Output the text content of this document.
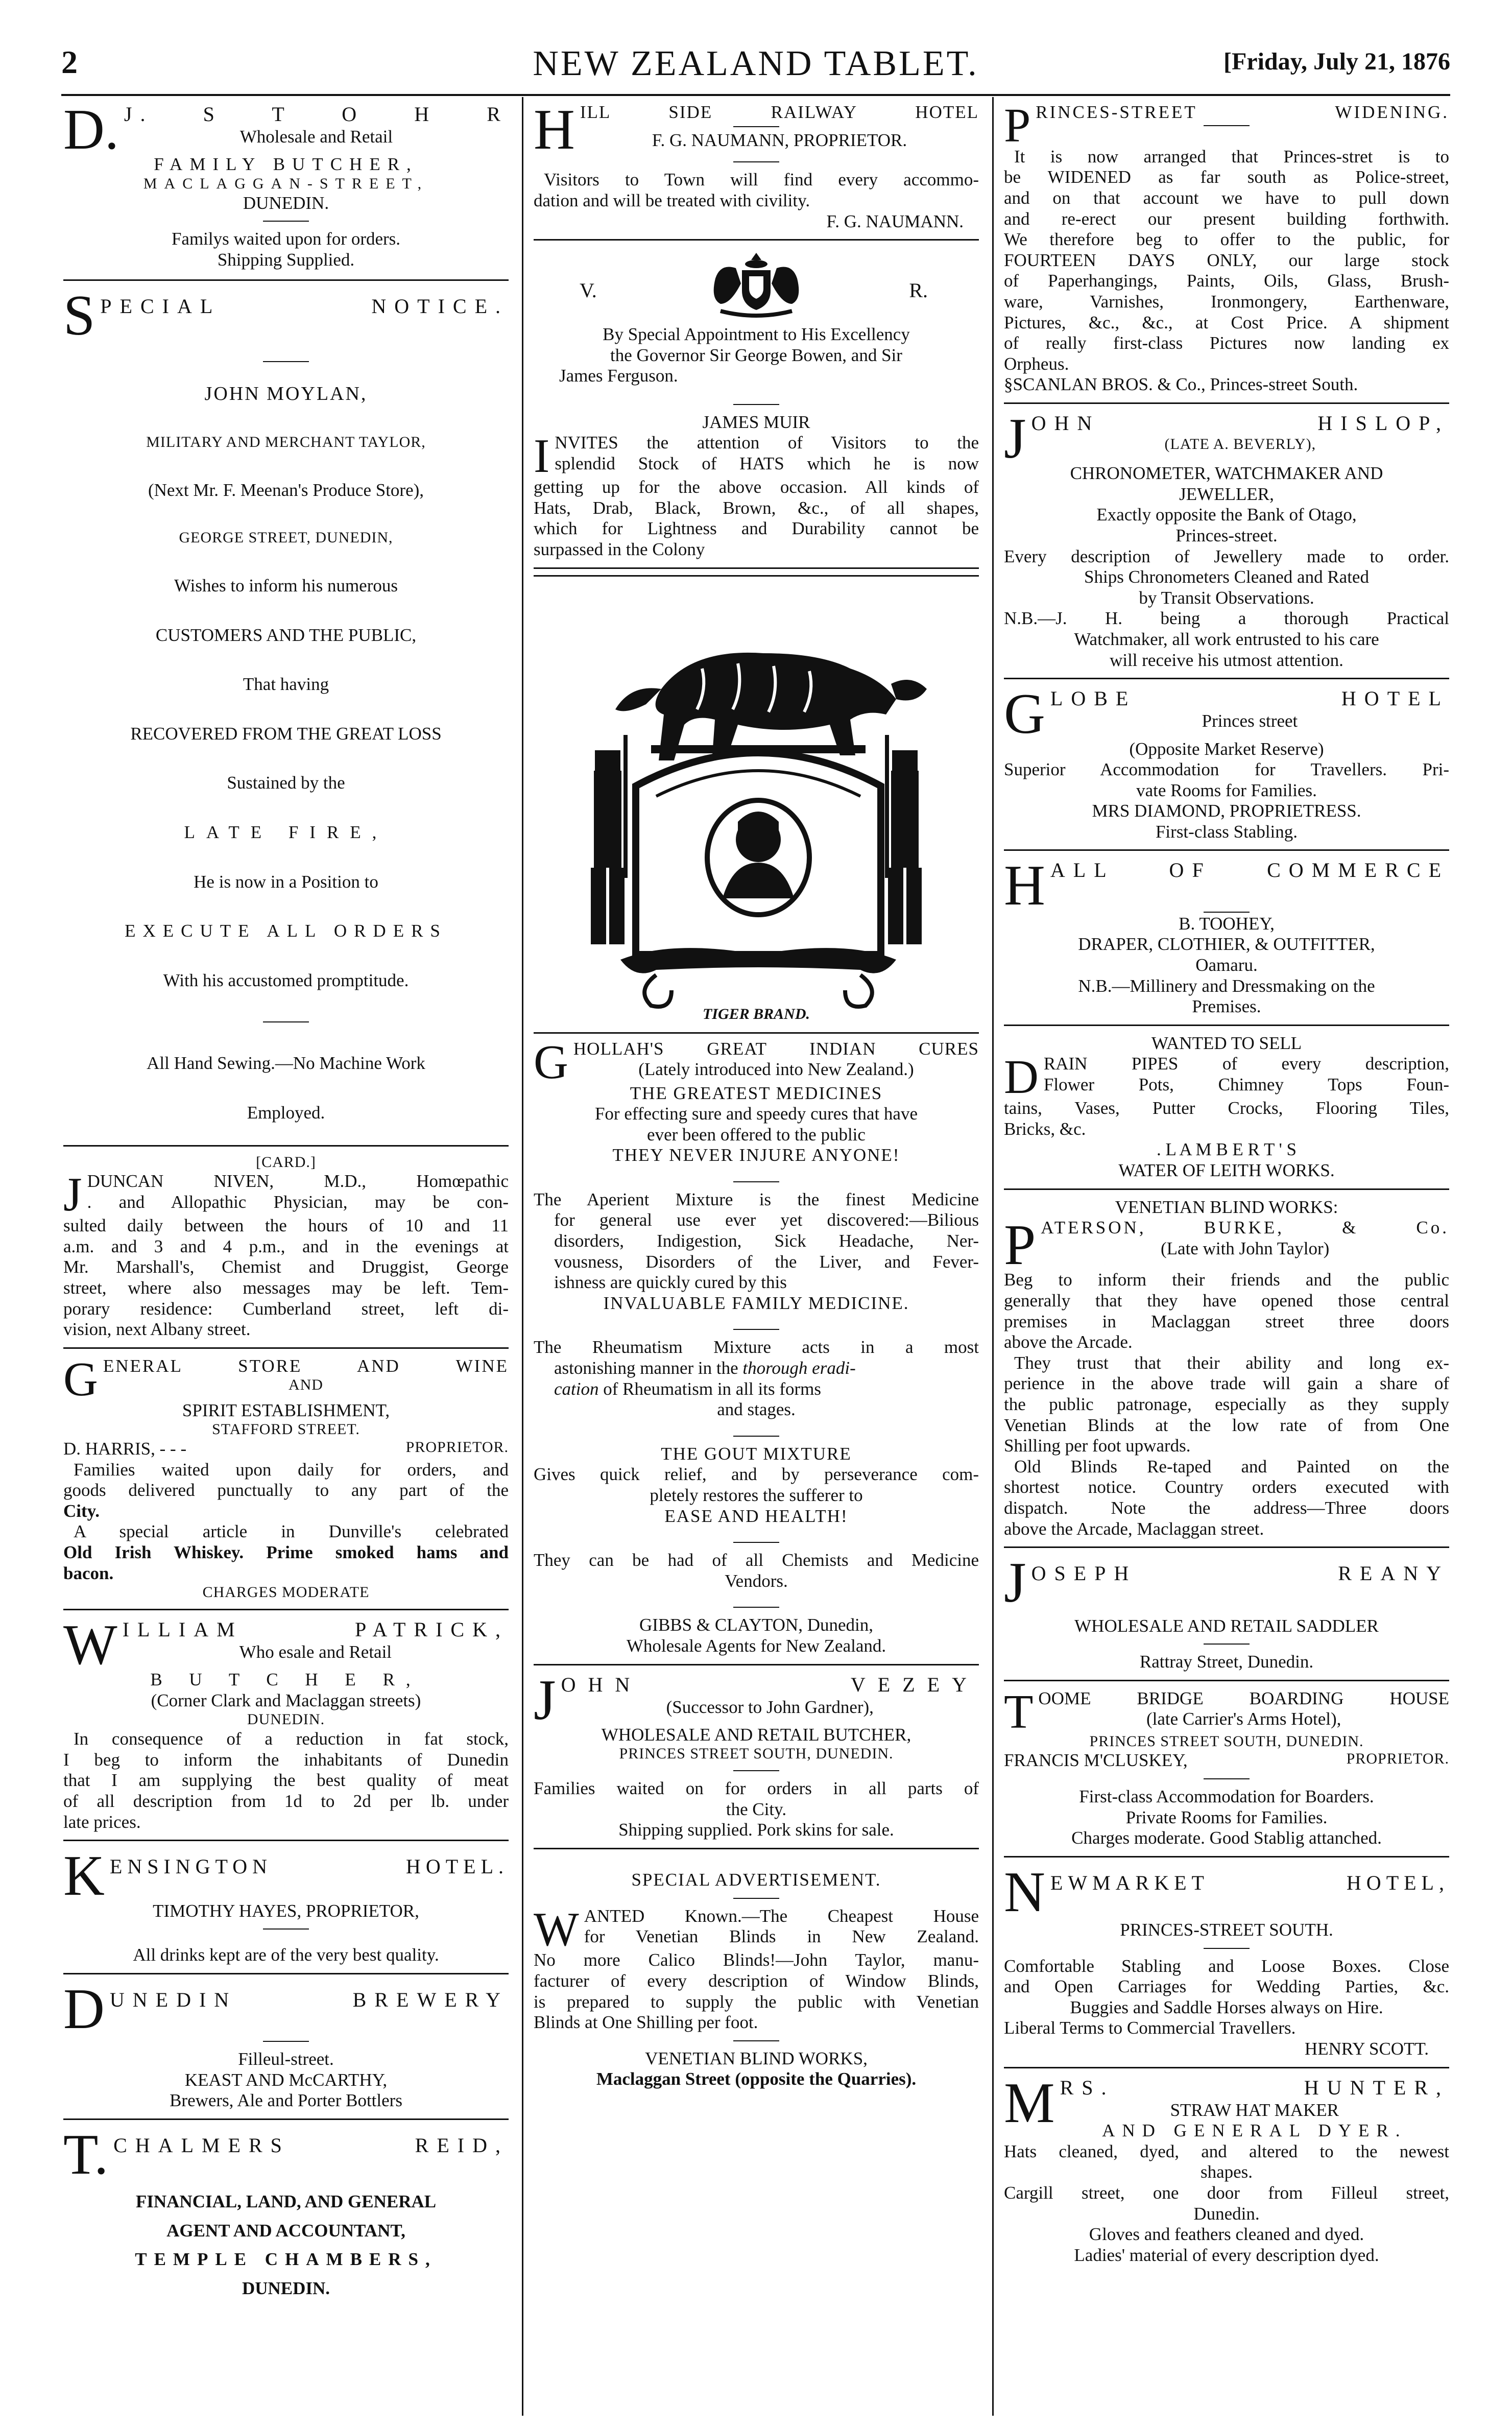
2	NEW ZEALAND TABLET.	[Friday, July 21, 1876
D. J. S T O H R
Wholesale and Retail
FAMILY BUTCHER,
MACLAGGAN-STREET,
DUNEDIN.
Familys waited upon for orders.
Shipping Supplied.
S PECIAL NOTICE.
JOHN MOYLAN,
MILITARY AND MERCHANT TAYLOR,
(Next Mr. F. Meenan's Produce Store),
GEORGE STREET, DUNEDIN,
Wishes to inform his numerous
CUSTOMERS AND THE PUBLIC,
That having
RECOVERED FROM THE GREAT LOSS
Sustained by the
LATE FIRE,
He is now in a Position to
EXECUTE ALL ORDERS
With his accustomed promptitude.
All Hand Sewing.—No Machine Work
Employed.
[CARD.]
J DUNCAN NIVEN, M.D., Homœpathic
. and Allopathic Physician, may be con-
sulted daily between the hours of 10 and 11
a.m. and 3 and 4 p.m., and in the evenings at
Mr. Marshall's, Chemist and Druggist, George
street, where also messages may be left. Tem-
porary residence: Cumberland street, left di-
vision, next Albany street.
G ENERAL STORE AND WINE
AND
SPIRIT ESTABLISHMENT,
STAFFORD STREET.
D. HARRIS, - - -	PROPRIETOR.
Families waited upon daily for orders, and
goods delivered punctually to any part of the
City.
A special article in Dunville's celebrated
Old Irish Whiskey. Prime smoked hams and
bacon.
CHARGES MODERATE
W ILLIAM PATRICK,
Who esale and Retail
B U T C H E R,
(Corner Clark and Maclaggan streets)
DUNEDIN.
In consequence of a reduction in fat stock,
I beg to inform the inhabitants of Dunedin
that I am supplying the best quality of meat
of all description from 1d to 2d per lb. under
late prices.
K ENSINGTON HOTEL.
TIMOTHY HAYES, PROPRIETOR,
All drinks kept are of the very best quality.
D UNEDIN BREWERY
Filleul-street.
KEAST AND McCARTHY,
Brewers, Ale and Porter Bottlers
T. CHALMERS REID,
FINANCIAL, LAND, AND GENERAL
AGENT AND ACCOUNTANT,
TEMPLE CHAMBERS,
DUNEDIN.
H ILL SIDE RAILWAY HOTEL
F. G. NAUMANN, PROPRIETOR.
Visitors to Town will find every accommo-
dation and will be treated with civility.
F. G. NAUMANN.
V.	R.
By Special Appointment to His Excellency
the Governor Sir George Bowen, and Sir
James Ferguson.
JAMES MUIR
I NVITES the attention of Visitors to the
splendid Stock of HATS which he is now
getting up for the above occasion. All kinds of
Hats, Drab, Black, Brown, &c., of all shapes,
which for Lightness and Durability cannot be
surpassed in the Colony
TIGER BRAND.
G HOLLAH'S GREAT INDIAN CURES
(Lately introduced into New Zealand.)
THE GREATEST MEDICINES
For effecting sure and speedy cures that have
ever been offered to the public
THEY NEVER INJURE ANYONE!
The Aperient Mixture is the finest Medicine
for general use ever yet discovered:—Bilious
disorders, Indigestion, Sick Headache, Ner-
vousness, Disorders of the Liver, and Fever-
ishness are quickly cured by this
INVALUABLE FAMILY MEDICINE.
The Rheumatism Mixture acts in a most
astonishing manner in the thorough eradi-
cation of Rheumatism in all its forms
and stages.
THE GOUT MIXTURE
Gives quick relief, and by perseverance com-
pletely restores the sufferer to
EASE AND HEALTH!
They can be had of all Chemists and Medicine
Vendors.
GIBBS & CLAYTON, Dunedin,
Wholesale Agents for New Zealand.
J OHN VEZEY
(Successor to John Gardner),
WHOLESALE AND RETAIL BUTCHER,
PRINCES STREET SOUTH, DUNEDIN.
Families waited on for orders in all parts of
the City.
Shipping supplied. Pork skins for sale.
SPECIAL ADVERTISEMENT.
W ANTED Known.—The Cheapest House
for Venetian Blinds in New Zealand.
No more Calico Blinds!—John Taylor, manu-
facturer of every description of Window Blinds,
is prepared to supply the public with Venetian
Blinds at One Shilling per foot.
VENETIAN BLIND WORKS,
Maclaggan Street (opposite the Quarries).
P RINCES-STREET WIDENING.
It is now arranged that Princes-stret is to
be WIDENED as far south as Police-street,
and on that account we have to pull down
and re-erect our present building forthwith.
We therefore beg to offer to the public, for
FOURTEEN DAYS ONLY, our large stock
of Paperhangings, Paints, Oils, Glass, Brush-
ware, Varnishes, Ironmongery, Earthenware,
Pictures, &c., &c., at Cost Price. A shipment
of really first-class Pictures now landing ex
Orpheus.
§SCANLAN BROS. & Co., Princes-street South.
J OHN HISLOP,
(LATE A. BEVERLY),
CHRONOMETER, WATCHMAKER AND
JEWELLER,
Exactly opposite the Bank of Otago,
Princes-street.
Every description of Jewellery made to order.
Ships Chronometers Cleaned and Rated
by Transit Observations.
N.B.—J. H. being a thorough Practical
Watchmaker, all work entrusted to his care
will receive his utmost attention.
G LOBE HOTEL
Princes street
(Opposite Market Reserve)
Superior Accommodation for Travellers. Pri-
vate Rooms for Families.
MRS DIAMOND, PROPRIETRESS.
First-class Stabling.
H ALL OF COMMERCE
B. TOOHEY,
DRAPER, CLOTHIER, & OUTFITTER,
Oamaru.
N.B.—Millinery and Dressmaking on the
Premises.
WANTED TO SELL
D RAIN PIPES of every description,
Flower Pots, Chimney Tops Foun-
tains, Vases, Putter Crocks, Flooring Tiles,
Bricks, &c.
. L A M B E R T ' S
WATER OF LEITH WORKS.
VENETIAN BLIND WORKS:
P ATERSON, BURKE, & Co.
(Late with John Taylor)
Beg to inform their friends and the public
generally that they have opened those central
premises in Maclaggan street three doors
above the Arcade.
They trust that their ability and long ex-
perience in the above trade will gain a share of
the public patronage, especially as they supply
Venetian Blinds at the low rate of from One
Shilling per foot upwards.
Old Blinds Re-taped and Painted on the
shortest notice. Country orders executed with
dispatch. Note the address—Three doors
above the Arcade, Maclaggan street.
J OSEPH REANY
WHOLESALE AND RETAIL SADDLER
Rattray Street, Dunedin.
T OOME BRIDGE BOARDING HOUSE
(late Carrier's Arms Hotel),
PRINCES STREET SOUTH, DUNEDIN.
FRANCIS M'CLUSKEY,	PROPRIETOR.
First-class Accommodation for Boarders.
Private Rooms for Families.
Charges moderate. Good Stablig attanched.
N EWMARKET HOTEL,
PRINCES-STREET SOUTH.
Comfortable Stabling and Loose Boxes. Close
and Open Carriages for Wedding Parties, &c.
Buggies and Saddle Horses always on Hire.
Liberal Terms to Commercial Travellers.
HENRY SCOTT.
M RS. HUNTER,
STRAW HAT MAKER
AND GENERAL DYER.
Hats cleaned, dyed, and altered to the newest
shapes.
Cargill street, one door from Filleul street,
Dunedin.
Gloves and feathers cleaned and dyed.
Ladies' material of every description dyed.
